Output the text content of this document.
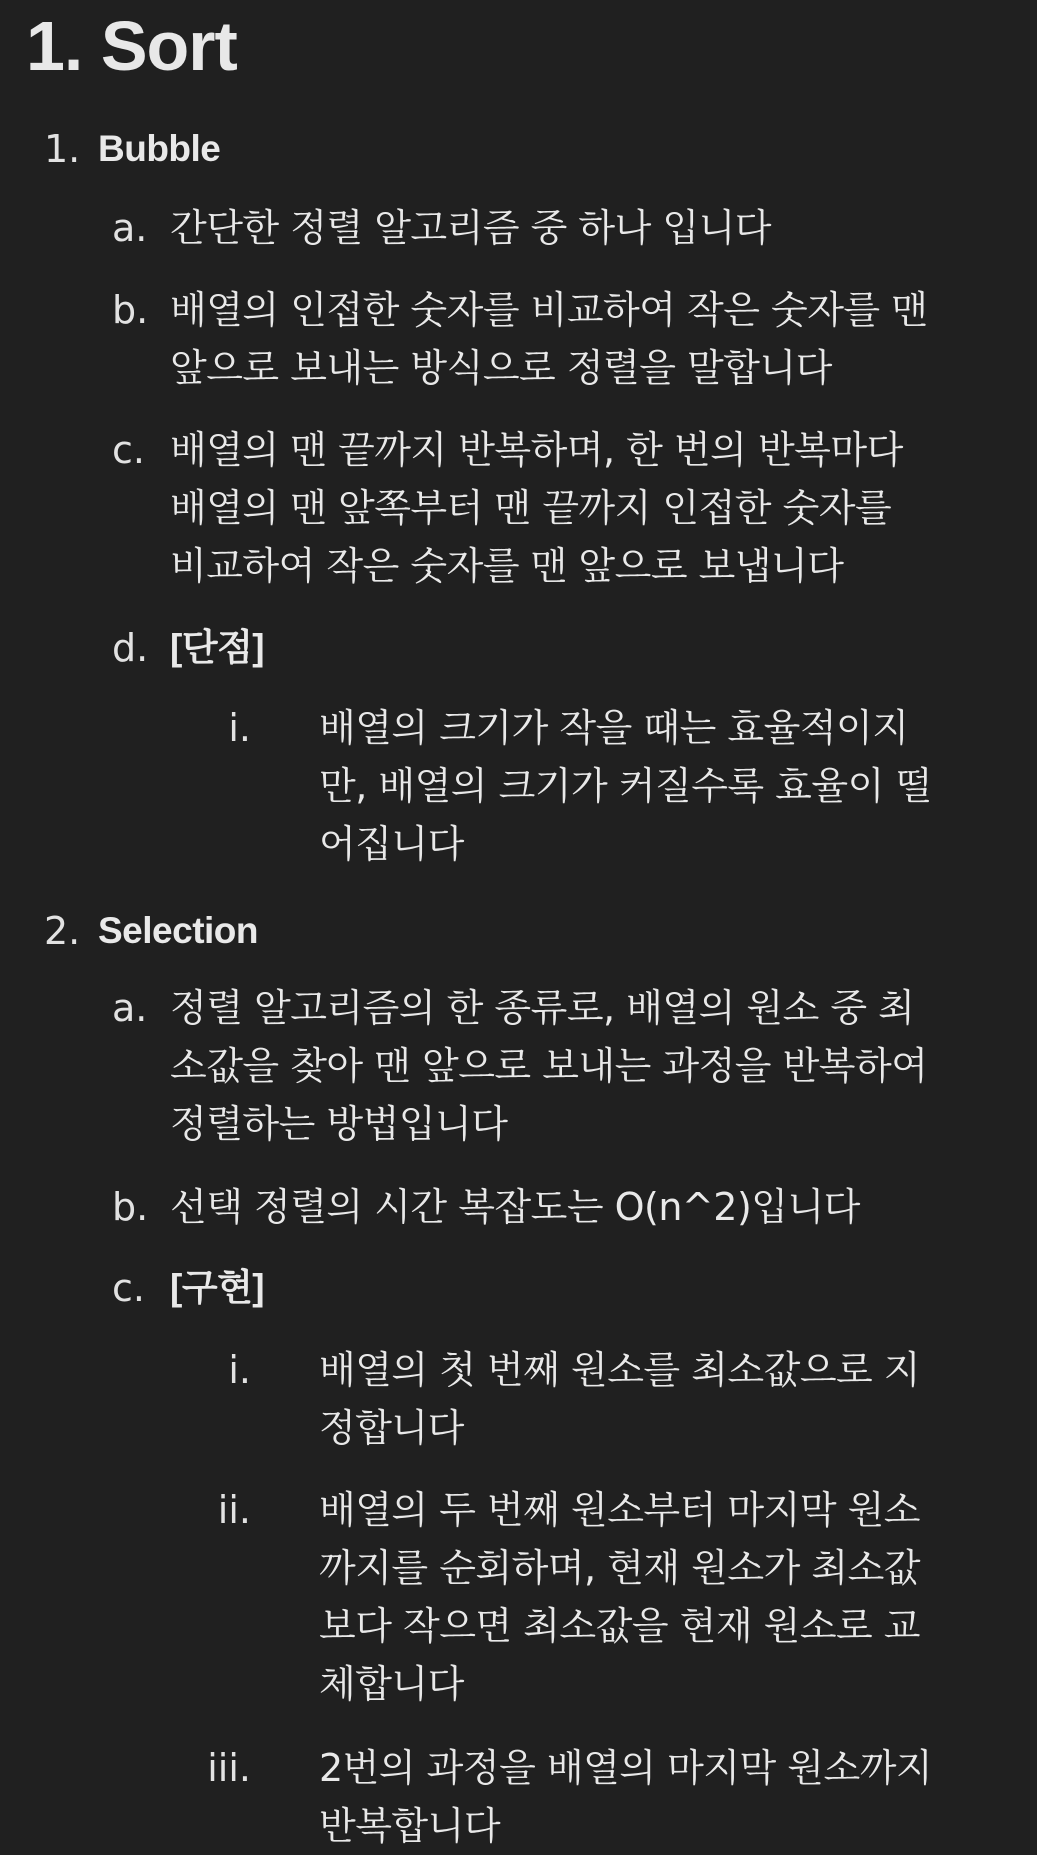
1. Sort
1. Bubble
a. 간단한 정렬 알고리즘 중 하나 입니다
b. 배열의 인접한 숫자를 비교하여 작은 숫자를 맨
앞으로 보내는 방식으로 정렬을 말합니다
c. 배열의 맨 끝까지 반복하며, 한 번의 반복마다
배열의 맨 앞쪽부터 맨 끝까지 인접한 숫자를
비교하여 작은 숫자를 맨 앞으로 보냅니다
d. [단점]
i. 배열의 크기가 작을 때는 효율적이지
만, 배열의 크기가 커질수록 효율이 떨
어집니다
2. Selection
a. 정렬 알고리즘의 한 종류로, 배열의 원소 중 최
소값을 찾아 맨 앞으로 보내는 과정을 반복하여
정렬하는 방법입니다
b. 선택 정렬의 시간 복잡도는 O(n^2)입니다
c. [구현]
i. 배열의 첫 번째 원소를 최소값으로 지
정합니다
ii. 배열의 두 번째 원소부터 마지막 원소
까지를 순회하며, 현재 원소가 최소값
보다 작으면 최소값을 현재 원소로 교
체합니다
iii. 2번의 과정을 배열의 마지막 원소까지
반복합니다
